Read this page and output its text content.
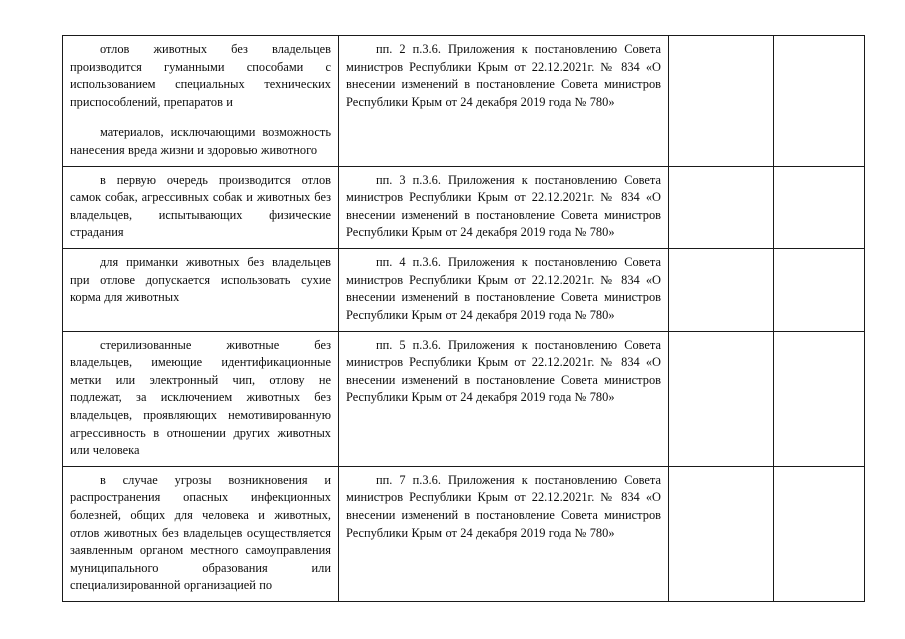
отлов животных без владельцев производится гуманными способами с использованием специальных технических приспособлений, препаратов и

материалов, исключающими возможность нанесения вреда жизни и здоровью животного	пп. 2 п.3.6. Приложения к постановлению Совета министров Республики Крым от 22.12.2021г. № 834 «О внесении изменений в постановление Совета министров Республики Крым от 24 декабря 2019 года № 780»		

в первую очередь производится отлов самок собак, агрессивных собак и животных без владельцев, испытывающих физические страдания	пп. 3 п.3.6. Приложения к постановлению Совета министров Республики Крым от 22.12.2021г. № 834 «О внесении изменений в постановление Совета министров Республики Крым от 24 декабря 2019 года № 780»		

для приманки животных без владельцев при отлове допускается использовать сухие корма для животных	пп. 4 п.3.6. Приложения к постановлению Совета министров Республики Крым от 22.12.2021г. № 834 «О внесении изменений в постановление Совета министров Республики Крым от 24 декабря 2019 года № 780»		

стерилизованные животные без владельцев, имеющие идентификационные метки или электронный чип, отлову не подлежат, за исключением животных без владельцев, проявляющих немотивированную агрессивность в отношении других животных или человека	пп. 5 п.3.6. Приложения к постановлению Совета министров Республики Крым от 22.12.2021г. № 834 «О внесении изменений в постановление Совета министров Республики Крым от 24 декабря 2019 года № 780»		

в случае угрозы возникновения и распространения опасных инфекционных болезней, общих для человека и животных, отлов животных без владельцев осуществляется заявленным органом местного самоуправления муниципального образования или специализированной организацией по	пп. 7 п.3.6. Приложения к постановлению Совета министров Республики Крым от 22.12.2021г. № 834 «О внесении изменений в постановление Совета министров Республики Крым от 24 декабря 2019 года № 780»		
